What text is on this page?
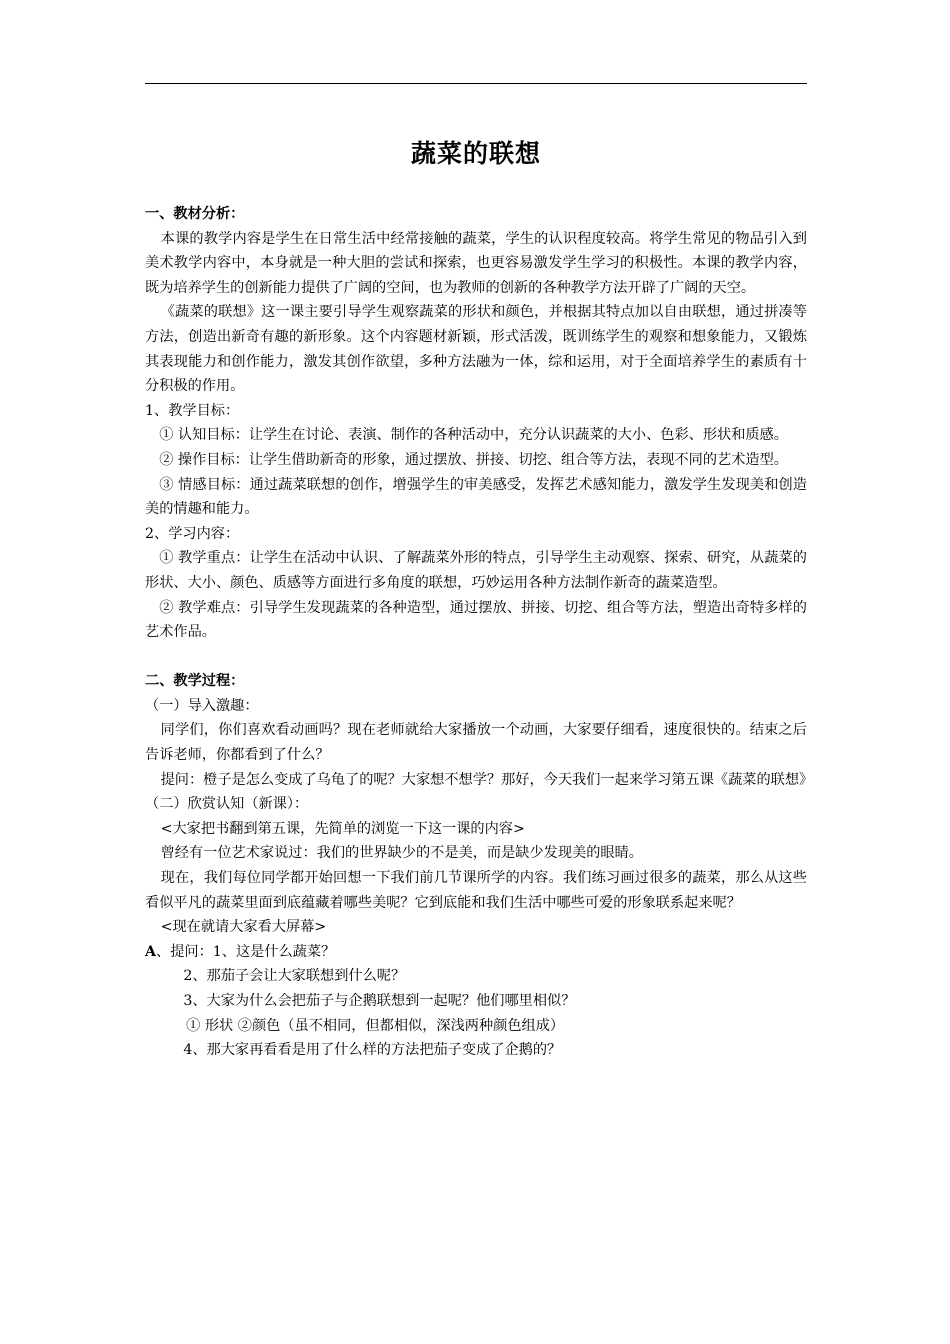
蔬菜的联想

一、教材分析：

本课的教学内容是学生在日常生活中经常接触的蔬菜，学生的认识程度较高。将学生常见的物品引入到美术教学内容中，本身就是一种大胆的尝试和探索，也更容易激发学生学习的积极性。本课的教学内容，既为培养学生的创新能力提供了广阔的空间，也为教师的创新的各种教学方法开辟了广阔的天空。

《蔬菜的联想》这一课主要引导学生观察蔬菜的形状和颜色，并根据其特点加以自由联想，通过拼凑等方法，创造出新奇有趣的新形象。这个内容题材新颖，形式活泼，既训练学生的观察和想象能力，又锻炼其表现能力和创作能力，激发其创作欲望，多种方法融为一体，综和运用，对于全面培养学生的素质有十分积极的作用。

1、教学目标：

① 认知目标：让学生在讨论、表演、制作的各种活动中，充分认识蔬菜的大小、色彩、形状和质感。

② 操作目标：让学生借助新奇的形象，通过摆放、拼接、切挖、组合等方法，表现不同的艺术造型。

③ 情感目标：通过蔬菜联想的创作，增强学生的审美感受，发挥艺术感知能力，激发学生发现美和创造美的情趣和能力。

2、学习内容：

① 教学重点：让学生在活动中认识、了解蔬菜外形的特点，引导学生主动观察、探索、研究，从蔬菜的形状、大小、颜色、质感等方面进行多角度的联想，巧妙运用各种方法制作新奇的蔬菜造型。

② 教学难点：引导学生发现蔬菜的各种造型，通过摆放、拼接、切挖、组合等方法，塑造出奇特多样的艺术作品。

二、教学过程：

（一）导入激趣：

同学们，你们喜欢看动画吗？现在老师就给大家播放一个动画，大家要仔细看，速度很快的。结束之后告诉老师，你都看到了什么？

提问：橙子是怎么变成了乌龟了的呢？大家想不想学？那好，今天我们一起来学习第五课《蔬菜的联想》

（二）欣赏认知（新课）：

<大家把书翻到第五课，先简单的浏览一下这一课的内容>

曾经有一位艺术家说过：我们的世界缺少的不是美，而是缺少发现美的眼睛。

现在，我们每位同学都开始回想一下我们前几节课所学的内容。我们练习画过很多的蔬菜，那么从这些看似平凡的蔬菜里面到底蕴藏着哪些美呢？它到底能和我们生活中哪些可爱的形象联系起来呢？

<现在就请大家看大屏幕>

A、提问：1、这是什么蔬菜？

2、那茄子会让大家联想到什么呢？

3、大家为什么会把茄子与企鹅联想到一起呢？他们哪里相似？

① 形状 ②颜色（虽不相同，但都相似，深浅两种颜色组成）

4、那大家再看看是用了什么样的方法把茄子变成了企鹅的？
